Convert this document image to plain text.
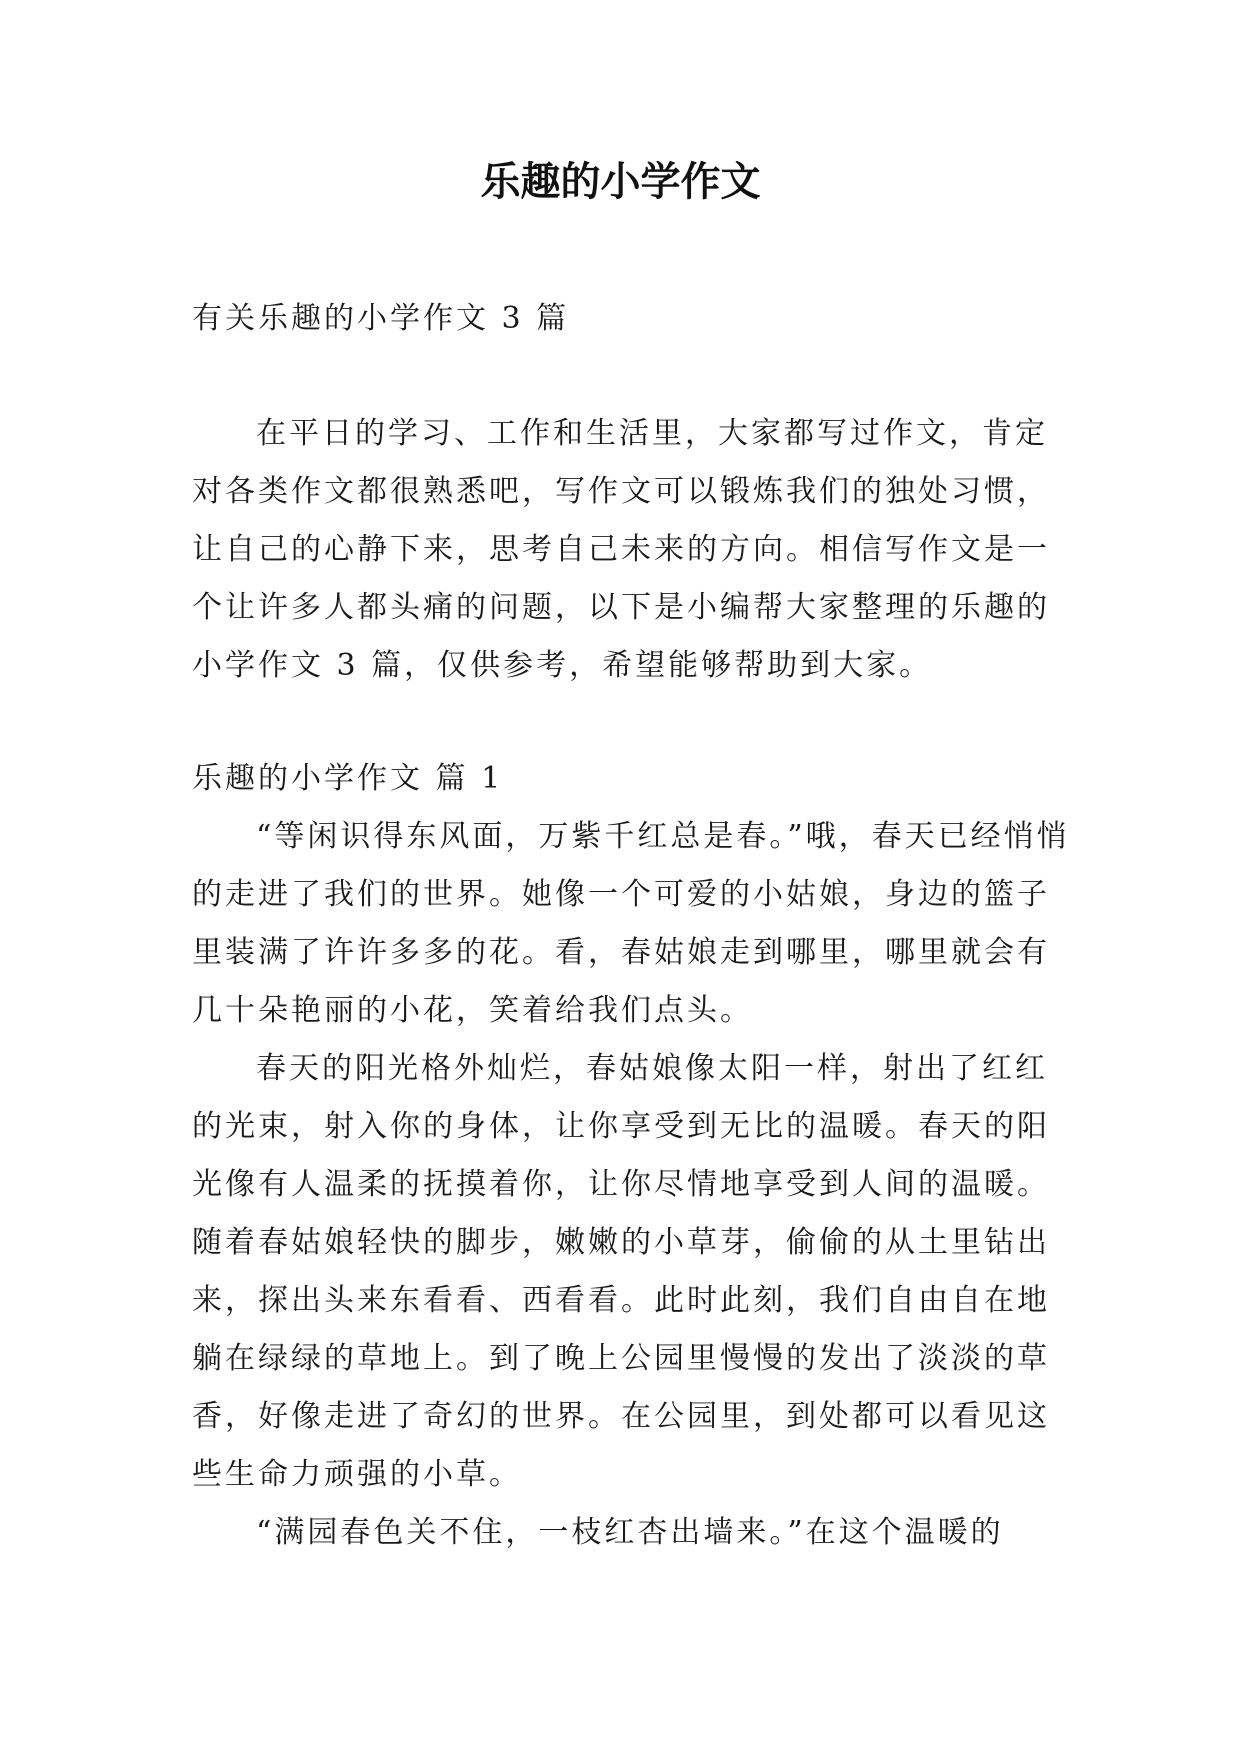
乐趣的小学作文

有关乐趣的小学作文 3 篇

在平日的学习、工作和生活里，大家都写过作文，肯定对各类作文都很熟悉吧，写作文可以锻炼我们的独处习惯，让自己的心静下来，思考自己未来的方向。相信写作文是一个让许多人都头痛的问题，以下是小编帮大家整理的乐趣的小学作文 3 篇，仅供参考，希望能够帮助到大家。

乐趣的小学作文 篇 1

“等闲识得东风面，万紫千红总是春。”哦，春天已经悄悄的走进了我们的世界。她像一个可爱的小姑娘，身边的篮子里装满了许许多多的花。看，春姑娘走到哪里，哪里就会有几十朵艳丽的小花，笑着给我们点头。

春天的阳光格外灿烂，春姑娘像太阳一样，射出了红红的光束，射入你的身体，让你享受到无比的温暖。春天的阳光像有人温柔的抚摸着你，让你尽情地享受到人间的温暖。随着春姑娘轻快的脚步，嫩嫩的小草芽，偷偷的从土里钻出来，探出头来东看看、西看看。此时此刻，我们自由自在地躺在绿绿的草地上。到了晚上公园里慢慢的发出了淡淡的草香，好像走进了奇幻的世界。在公园里，到处都可以看见这些生命力顽强的小草。

“满园春色关不住，一枝红杏出墙来。”在这个温暖的
